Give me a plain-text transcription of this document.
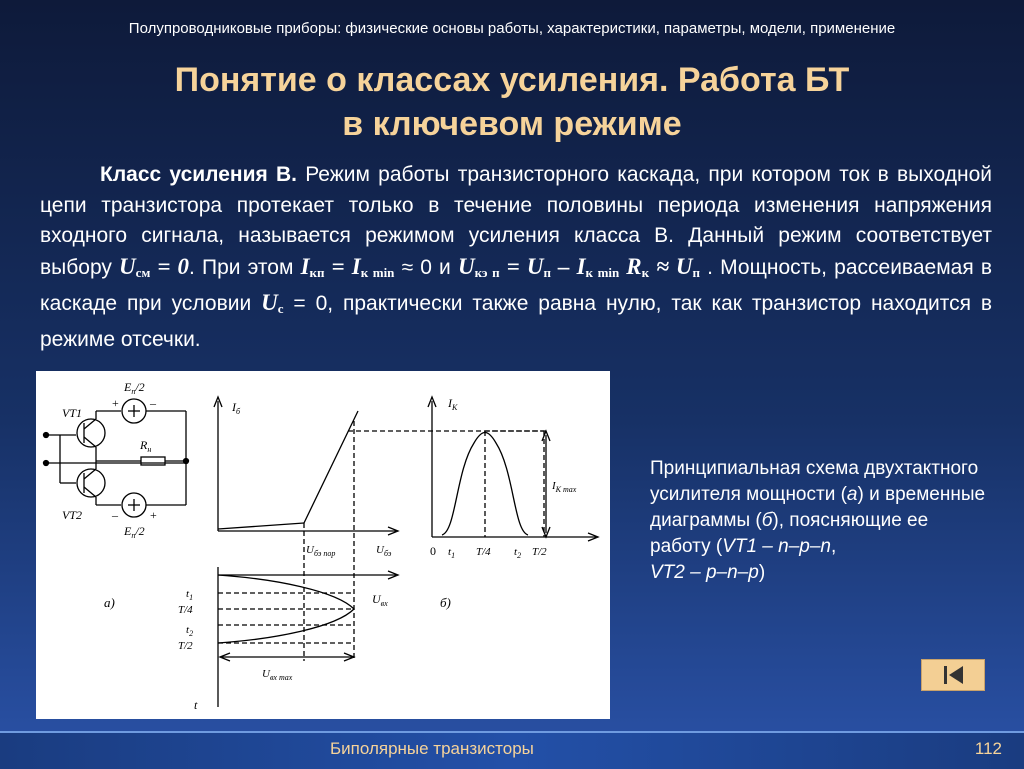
Полупроводниковые приборы: физические основы работы, характеристики, параметры, модели, применение
Понятие о классах усиления. Работа БТ
в ключевом режиме
Класс усиления В. Режим работы транзисторного каскада, при котором ток в выходной цепи транзистора протекает только в течение половины периода изменения напряжения входного сигнала, называется режимом усиления класса В. Данный режим соответствует выбору $U_{см} = 0$. При этом $I_{кп} = I_{к min} \approx 0$ и $U_{кэ п} = U_п - I_{к min}$ $R_к \approx U_п$ . Мощность, рассеиваемая в каскаде при условии $U_с = 0$, практически также равна нулю, так как транзистор находится в режиме отсечки.
VT1
VT2
$E_п/2$
$E_п/2$
$R_н$
+	–
–	+
$I_б$
$U_{бэ пор}$	$U_{бэ}$
$t_1$
T/4
$t_2$
T/2
$U_{вх}$
$U_{вх max}$
t
а)	б)
$I_К$
$I_{К max}$
0 $t_1$ T/4 $t_2$ T/2
Принципиальная схема двухтактного усилителя мощности (а) и временные диаграммы (б), поясняющие ее работу (VT1 – n–p–n,
VT2 – p–n–p)
Биполярные транзисторы	112
